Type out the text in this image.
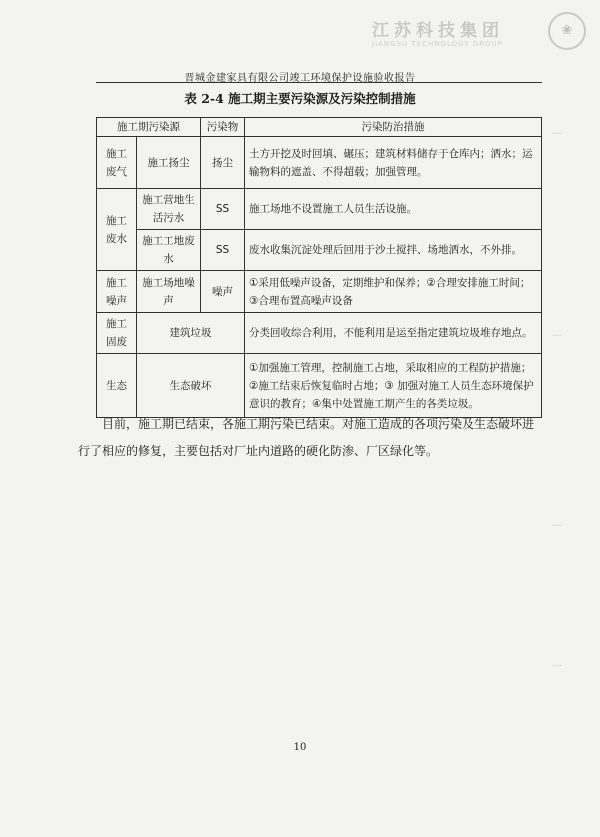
❀
江苏科技集团
JIANGSU TECHNOLOGY GROUP
晋城金建家具有限公司竣工环境保护设施验收报告
表 2-4 施工期主要污染源及污染控制措施
施工期污染源		污染物	污染防治措施
施工废气	施工扬尘	扬尘	土方开挖及时回填、碾压；建筑材料储存于仓库内；洒水；运输物料的遮盖、不得超载；加强管理。
施工废水	施工营地生活污水	SS	施工场地不设置施工人员生活设施。
	施工工地废水	SS	废水收集沉淀处理后回用于沙土搅拌、场地洒水，不外排。
施工噪声	施工场地噪声	噪声	①采用低噪声设备，定期维护和保养；②合理安排施工时间；③合理布置高噪声设备
施工固废	建筑垃圾		分类回收综合利用，不能利用是运至指定建筑垃圾堆存地点。
生态	生态破坏		①加强施工管理，控制施工占地，采取相应的工程防护措施；②施工结束后恢复临时占地；③ 加强对施工人员生态环境保护意识的教育；④集中处置施工期产生的各类垃圾。
目前，施工期已结束，各施工期污染已结束。对施工造成的各项污染及生态破坏进行了相应的修复，主要包括对厂址内道路的硬化防渗、厂区绿化等。
10
—
—
—
—
